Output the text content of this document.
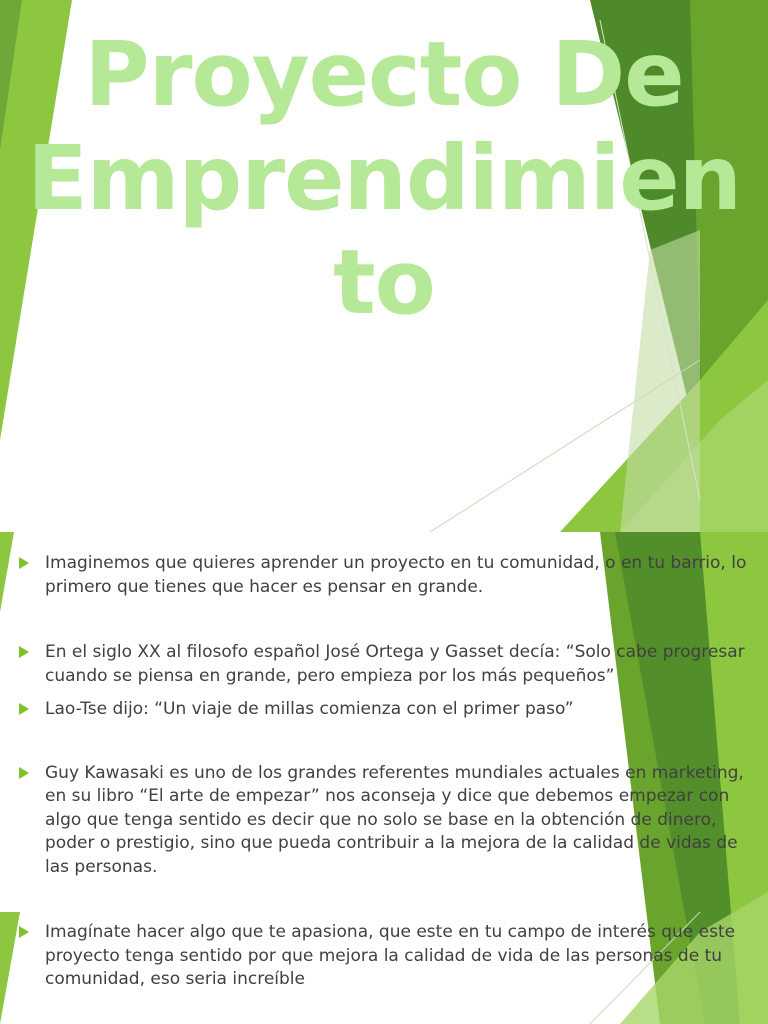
Proyecto De
Emprendimien
to
Imaginemos que quieres aprender un proyecto en tu comunidad, o en tu barrio, lo primero que tienes que hacer es pensar en grande.
En el siglo XX al filosofo español José Ortega y Gasset decía: “Solo cabe progresar cuando se piensa en grande, pero empieza por los más pequeños”
Lao-Tse dijo: “Un viaje de millas comienza con el primer paso”
Guy Kawasaki es uno de los grandes referentes mundiales actuales en marketing, en su libro “El arte de empezar” nos aconseja y dice que debemos empezar con algo que tenga sentido es decir que no solo se base en la obtención de dinero, poder o prestigio, sino que pueda contribuir a la mejora de la calidad de vidas de las personas.
Imagínate hacer algo que te apasiona, que este en tu campo de interés que este proyecto tenga sentido por que mejora la calidad de vida de las personas de tu comunidad, eso seria increíble
